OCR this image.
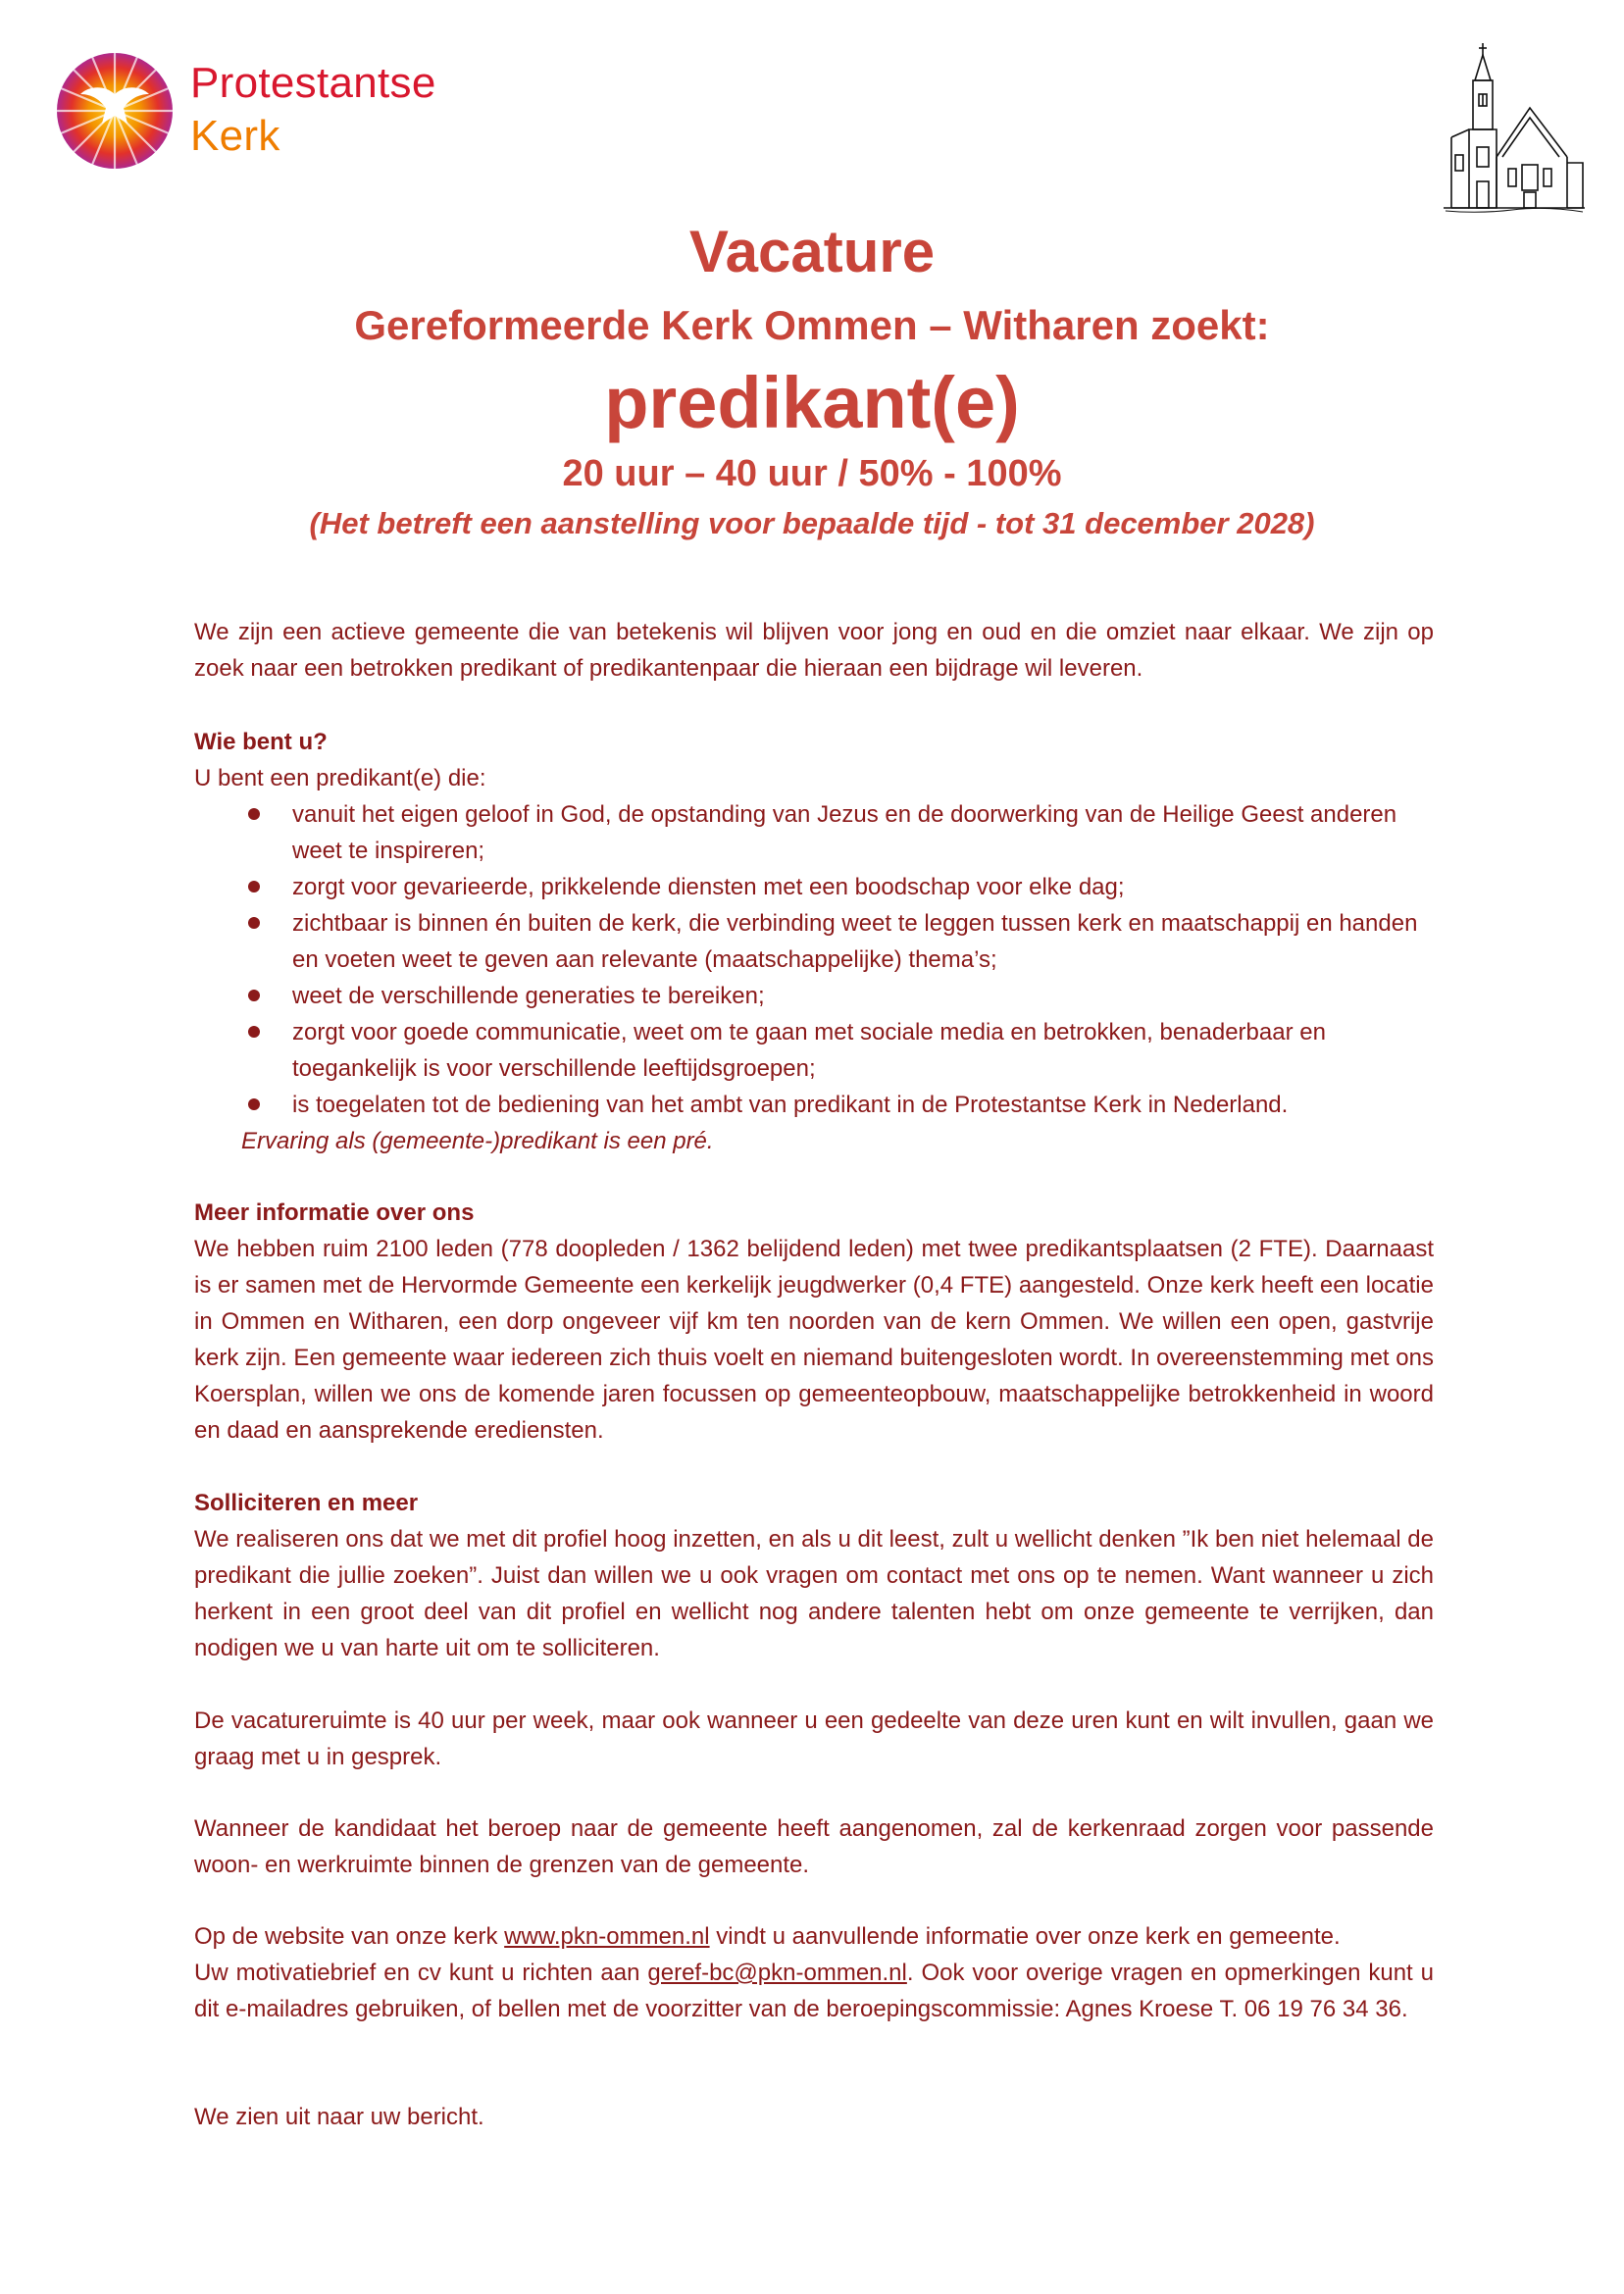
Protestantse
Kerk
Vacature
Gereformeerde Kerk Ommen – Witharen zoekt:
predikant(e)
20 uur – 40 uur / 50% - 100%
(Het betreft een aanstelling voor bepaalde tijd - tot 31 december 2028)
We zijn een actieve gemeente die van betekenis wil blijven voor jong en oud en die omziet naar elkaar. We zijn op zoek naar een betrokken predikant of predikantenpaar die hieraan een bijdrage wil leveren.
Wie bent u?
U bent een predikant(e) die:
vanuit het eigen geloof in God, de opstanding van Jezus en de doorwerking van de Heilige Geest anderen weet te inspireren;
zorgt voor gevarieerde, prikkelende diensten met een boodschap voor elke dag;
zichtbaar is binnen én buiten de kerk, die verbinding weet te leggen tussen kerk en maatschappij en handen en voeten weet te geven aan relevante (maatschappelijke) thema’s;
weet de verschillende generaties te bereiken;
zorgt voor goede communicatie, weet om te gaan met sociale media en betrokken, benaderbaar en toegankelijk is voor verschillende leeftijdsgroepen;
is toegelaten tot de bediening van het ambt van predikant in de Protestantse Kerk in Nederland.
Ervaring als (gemeente-)predikant is een pré.
Meer informatie over ons
We hebben ruim 2100 leden (778 doopleden / 1362 belijdend leden) met twee predikantsplaatsen (2 FTE). Daarnaast is er samen met de Hervormde Gemeente een kerkelijk jeugdwerker (0,4 FTE) aangesteld. Onze kerk heeft een locatie in Ommen en Witharen, een dorp ongeveer vijf km ten noorden van de kern Ommen. We willen een open, gastvrije kerk zijn. Een gemeente waar iedereen zich thuis voelt en niemand buitengesloten wordt. In overeenstemming met ons Koersplan, willen we ons de komende jaren focussen op gemeenteopbouw, maatschappelijke betrokkenheid in woord en daad en aansprekende erediensten.
Solliciteren en meer
We realiseren ons dat we met dit profiel hoog inzetten, en als u dit leest, zult u wellicht denken ”Ik ben niet helemaal de predikant die jullie zoeken”. Juist dan willen we u ook vragen om contact met ons op te nemen. Want wanneer u zich herkent in een groot deel van dit profiel en wellicht nog andere talenten hebt om onze gemeente te verrijken, dan nodigen we u van harte uit om te solliciteren.
De vacatureruimte is 40 uur per week, maar ook wanneer u een gedeelte van deze uren kunt en wilt invullen, gaan we graag met u in gesprek.
Wanneer de kandidaat het beroep naar de gemeente heeft aangenomen, zal de kerkenraad zorgen voor passende woon- en werkruimte binnen de grenzen van de gemeente.
Op de website van onze kerk www.pkn-ommen.nl vindt u aanvullende informatie over onze kerk en gemeente.
Uw motivatiebrief en cv kunt u richten aan geref-bc@pkn-ommen.nl. Ook voor overige vragen en opmerkingen kunt u dit e-mailadres gebruiken, of bellen met de voorzitter van de beroepingscommissie: Agnes Kroese T. 06 19 76 34 36.
We zien uit naar uw bericht.
